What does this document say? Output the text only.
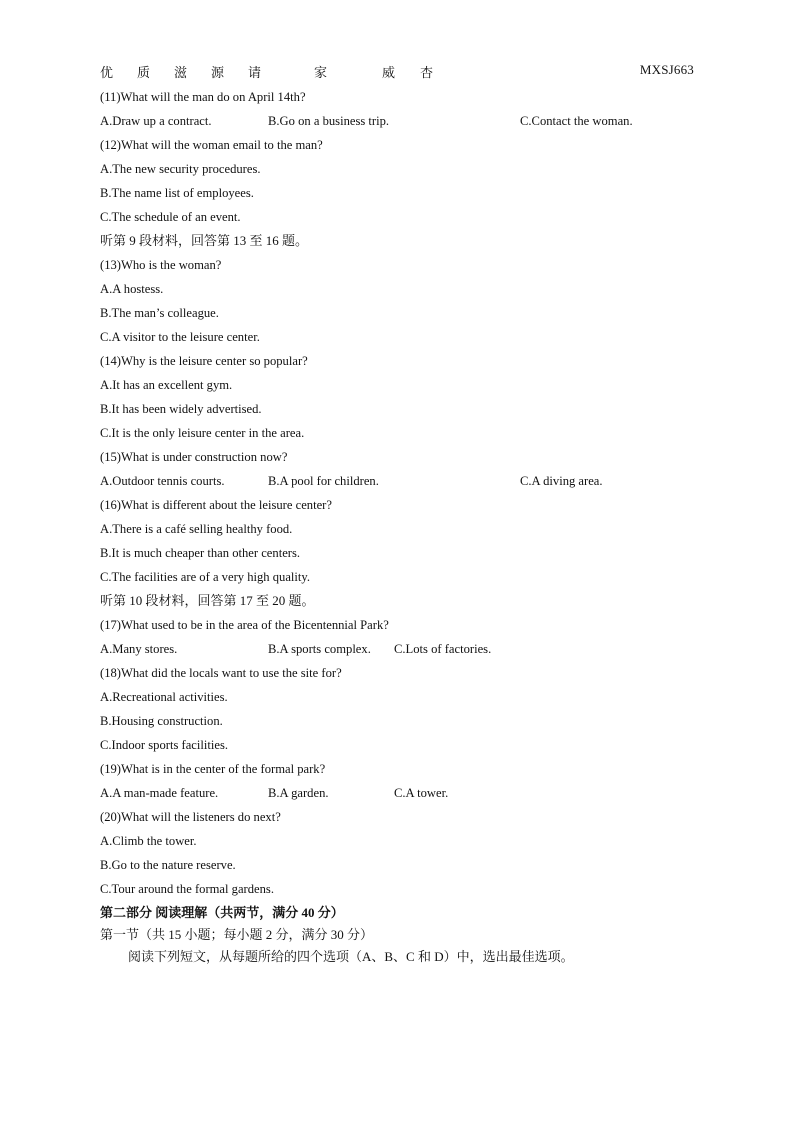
优 质 滋 源 请	家	威 杏	MXSJ663
(11)What will the man do on April 14th?
A.Draw up a contract.	B.Go on a business trip.	C.Contact the woman.
(12)What will the woman email to the man?
A.The new security procedures.
B.The name list of employees.
C.The schedule of an event.
听第 9 段材料，回答第 13 至 16 题。
(13)Who is the woman?
A.A hostess.
B.The man’s colleague.
C.A visitor to the leisure center.
(14)Why is the leisure center so popular?
A.It has an excellent gym.
B.It has been widely advertised.
C.It is the only leisure center in the area.
(15)What is under construction now?
A.Outdoor tennis courts.	B.A pool for children.	C.A diving area.
(16)What is different about the leisure center?
A.There is a café selling healthy food.
B.It is much cheaper than other centers.
C.The facilities are of a very high quality.
听第 10 段材料，回答第 17 至 20 题。
(17)What used to be in the area of the Bicentennial Park?
A.Many stores.	B.A sports complex. C.Lots of factories.
(18)What did the locals want to use the site for?
A.Recreational activities.
B.Housing construction.
C.Indoor sports facilities.
(19)What is in the center of the formal park?
A.A man-made feature.	B.A garden.	C.A tower.
(20)What will the listeners do next?
A.Climb the tower.
B.Go to the nature reserve.
C.Tour around the formal gardens.
第二部分 阅读理解（共两节，满分 40 分）
第一节（共 15 小题；每小题 2 分，满分 30 分）
阅读下列短文，从每题所给的四个选项（A、B、C 和 D）中，选出最佳选项。
